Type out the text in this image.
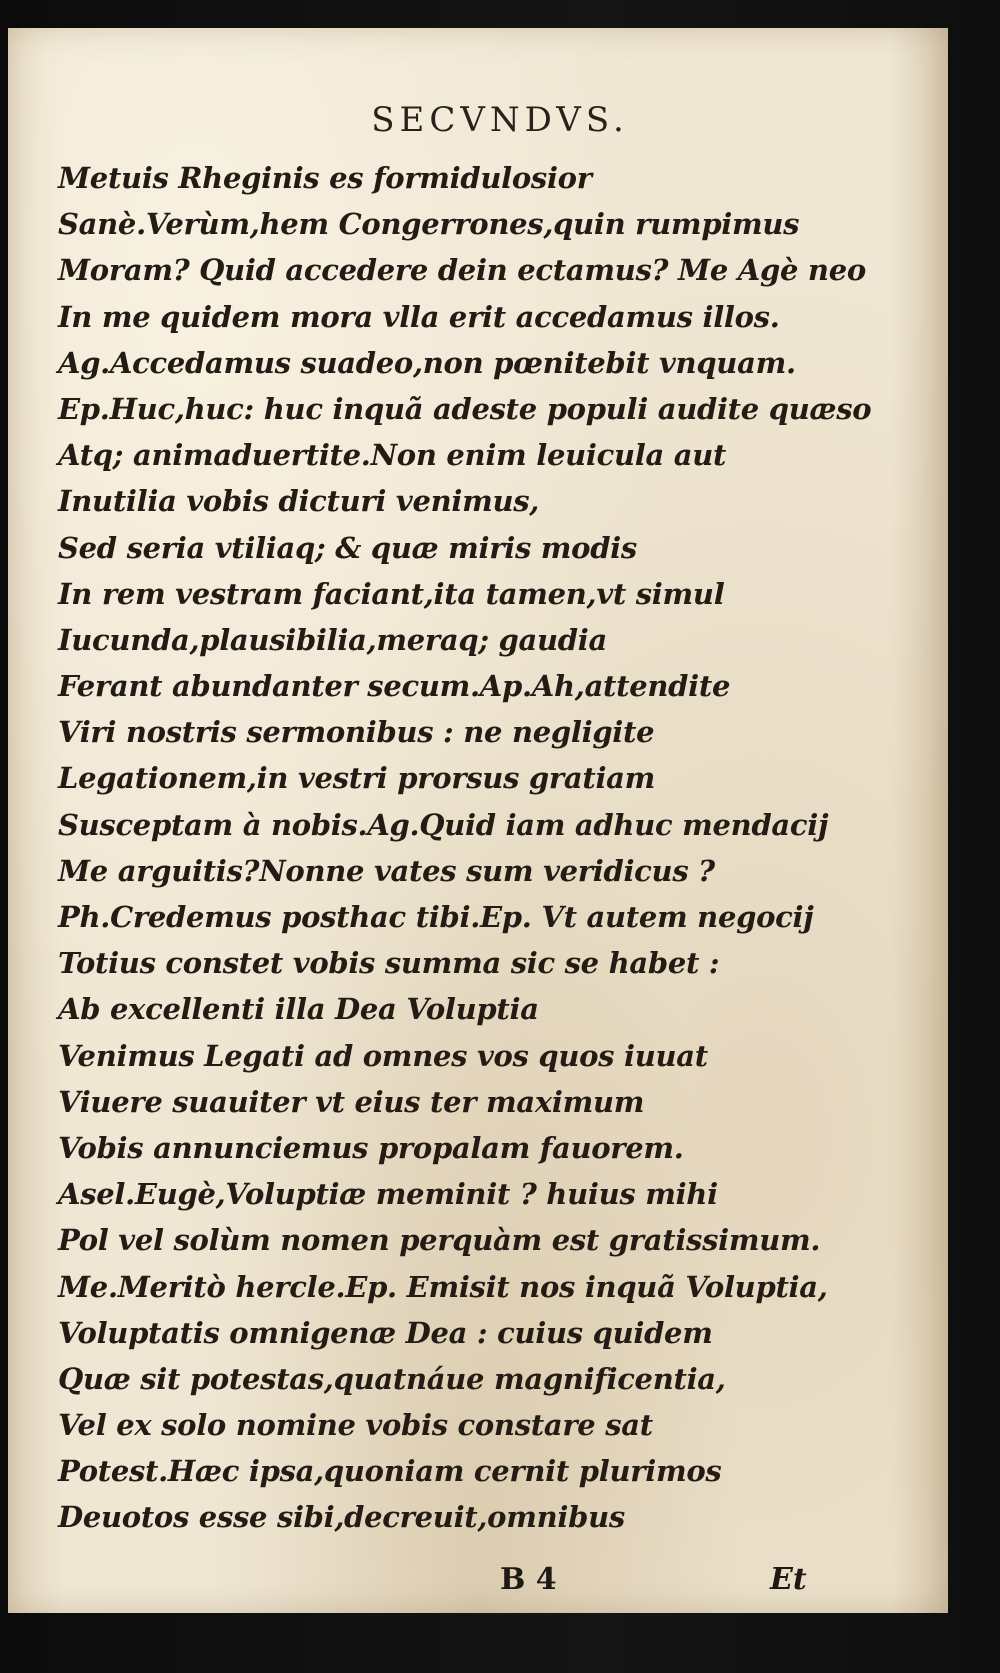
SECVNDVS.
Metuis Rheginis es formidulosior
Sanè.Verùm,hem Congerrones,quin rumpimus
Moram? Quid accedere dein ectamus? Me Agè neo
In me quidem mora vlla erit accedamus illos.
Ag.Accedamus suadeo,non pœnitebit vnquam.
Ep.Huc,huc: huc inquã adeste populi audite quæso
Atq; animaduertite.Non enim leuicula aut
Inutilia vobis dicturi venimus,
Sed seria vtiliaq; & quæ miris modis
In rem vestram faciant,ita tamen,vt simul
Iucunda,plausibilia,meraq; gaudia
Ferant abundanter secum.Ap.Ah,attendite
Viri nostris sermonibus : ne negligite
Legationem,in vestri prorsus gratiam
Susceptam à nobis.Ag.Quid iam adhuc mendacij
Me arguitis?Nonne vates sum veridicus ?
Ph.Credemus posthac tibi.Ep. Vt autem negocij
Totius constet vobis summa sic se habet :
Ab excellenti illa Dea Voluptia
Venimus Legati ad omnes vos quos iuuat
Viuere suauiter vt eius ter maximum
Vobis annunciemus propalam fauorem.
Asel.Eugè,Voluptiæ meminit ? huius mihi
Pol vel solùm nomen perquàm est gratissimum.
Me.Meritò hercle.Ep. Emisit nos inquã Voluptia,
Voluptatis omnigenæ Dea : cuius quidem
Quæ sit potestas,quatnáue magnificentia,
Vel ex solo nomine vobis constare sat
Potest.Hæc ipsa,quoniam cernit plurimos
Deuotos esse sibi,decreuit,omnibus
B 4	Et
